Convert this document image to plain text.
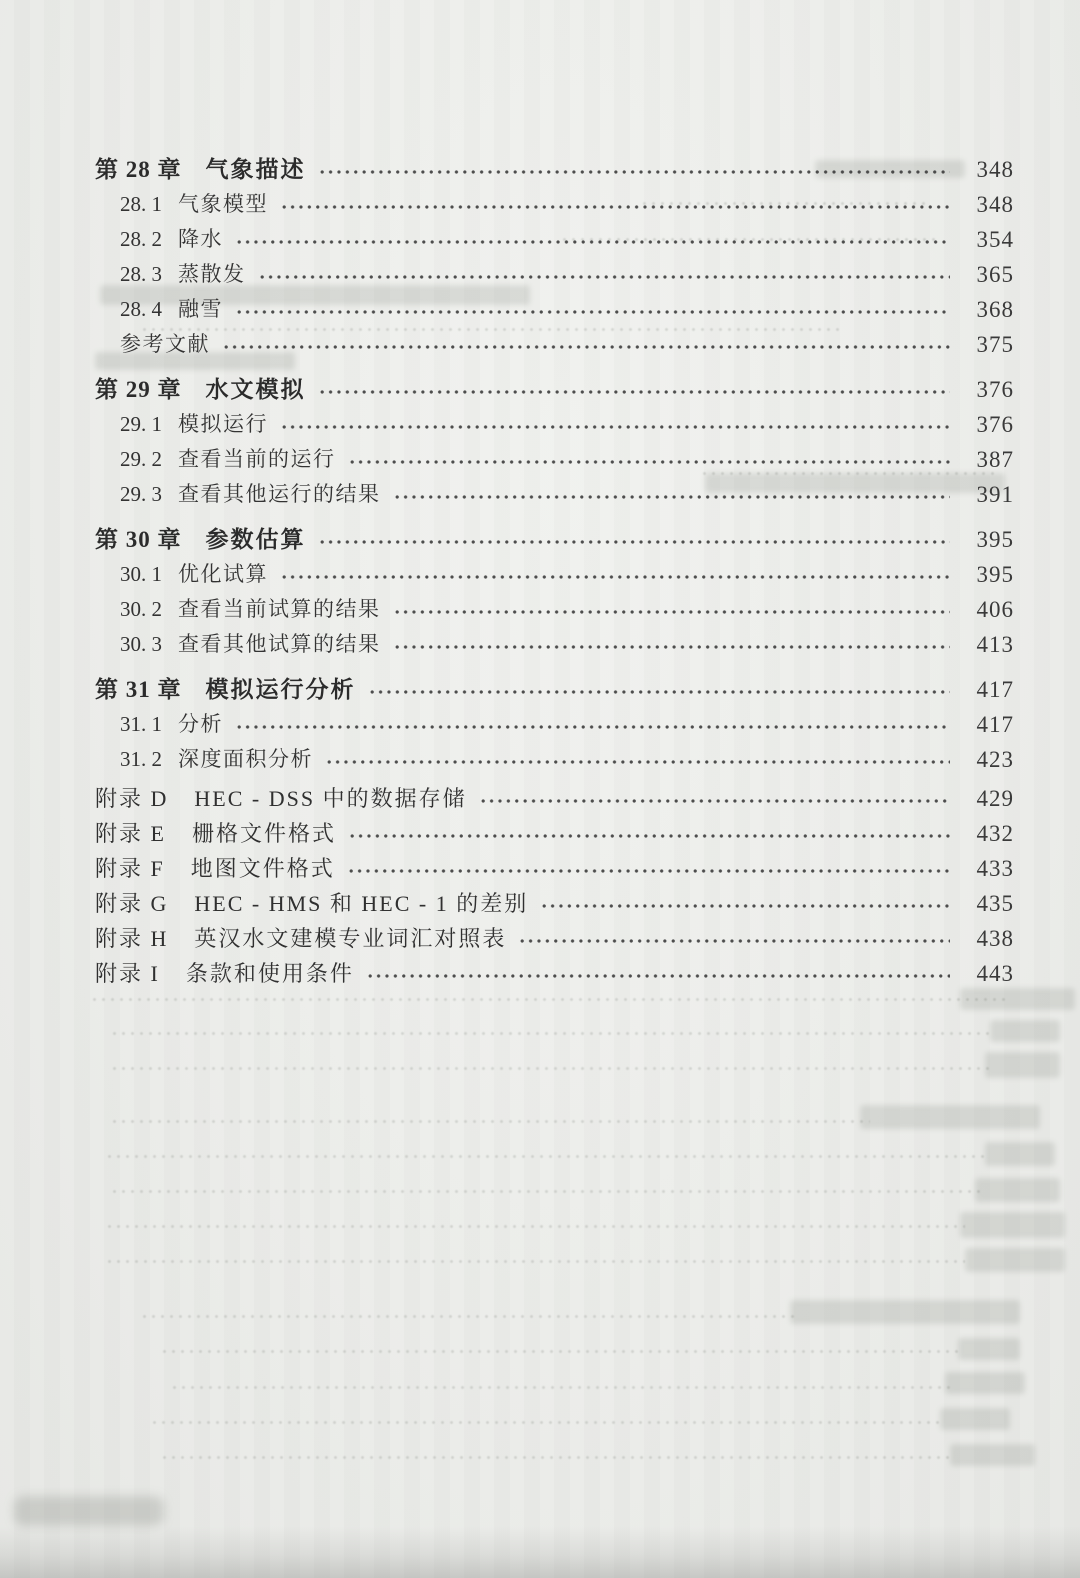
第 28 章 气象描述	348
28. 1 气象模型	348
28. 2 降水	354
28. 3 蒸散发	365
28. 4 融雪	368
参考文献	375
第 29 章 水文模拟	376
29. 1 模拟运行	376
29. 2 查看当前的运行	387
29. 3 查看其他运行的结果	391
第 30 章 参数估算	395
30. 1 优化试算	395
30. 2 查看当前试算的结果	406
30. 3 查看其他试算的结果	413
第 31 章 模拟运行分析	417
31. 1 分析	417
31. 2 深度面积分析	423
附录 D HEC - DSS 中的数据存储	429
附录 E 栅格文件格式	432
附录 F 地图文件格式	433
附录 G HEC - HMS 和 HEC - 1 的差别	435
附录 H 英汉水文建模专业词汇对照表	438
附录 I 条款和使用条件	443
